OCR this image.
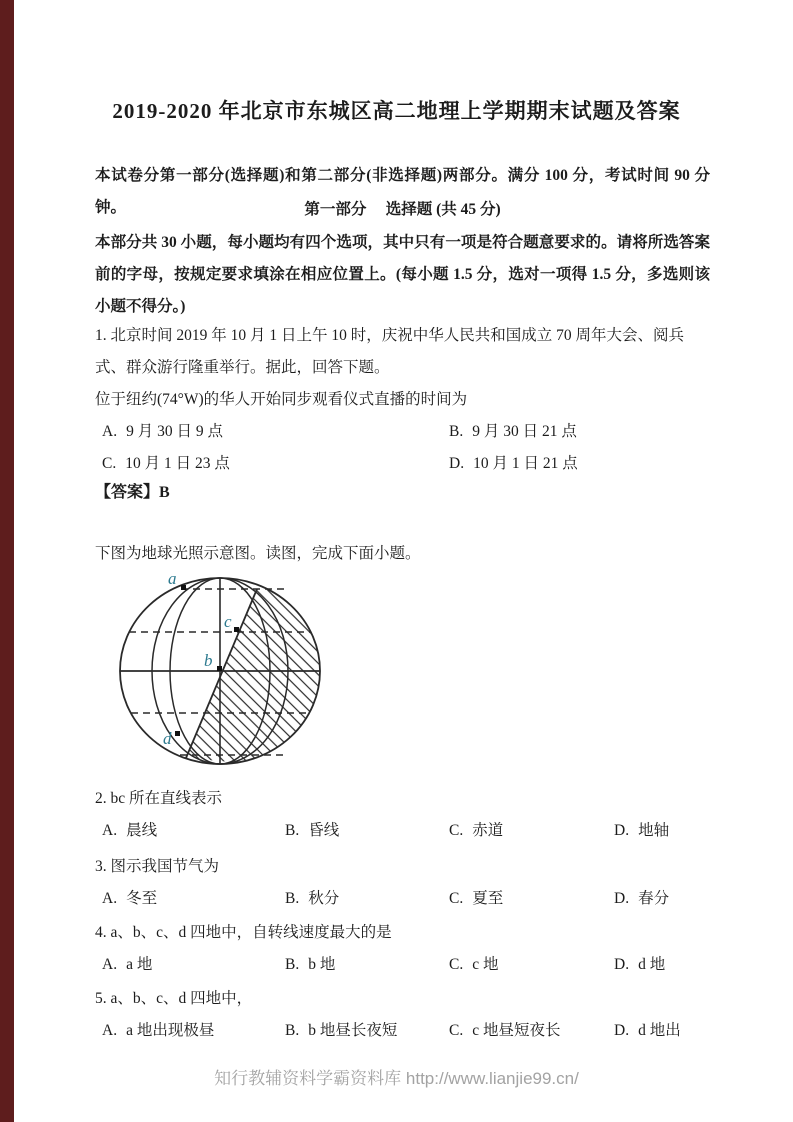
2019-2020 年北京市东城区高二地理上学期期末试题及答案
本试卷分第一部分(选择题)和第二部分(非选择题)两部分。满分 100 分，考试时间 90 分钟。	第一部分　 选择题 (共 45 分)
本部分共 30 小题，每小题均有四个选项，其中只有一项是符合题意要求的。请将所选答案前的字母，按规定要求填涂在相应位置上。(每小题 1.5 分，选对一项得 1.5 分，多选则该小题不得分。)
1. 北京时间 2019 年 10 月 1 日上午 10 时，庆祝中华人民共和国成立 70 周年大会、阅兵式、群众游行隆重举行。据此，回答下题。
位于纽约(74°W)的华人开始同步观看仪式直播的时间为
A. 9 月 30 日 9 点	B. 9 月 30 日 21 点
C. 10 月 1 日 23 点	D. 10 月 1 日 21 点
【答案】B
下图为地球光照示意图。读图，完成下面小题。
a
c
b
d
2. bc 所在直线表示
A. 晨线	B. 昏线	C. 赤道	D. 地轴
3. 图示我国节气为
A. 冬至	B. 秋分	C. 夏至	D. 春分
4. a、b、c、d 四地中，自转线速度最大的是
A. a 地	B. b 地	C. c 地	D. d 地
5. a、b、c、d 四地中，
A. a 地出现极昼	B. b 地昼长夜短	C. c 地昼短夜长	D. d 地出
知行教辅资料学霸资料库 http://www.lianjie99.cn/
